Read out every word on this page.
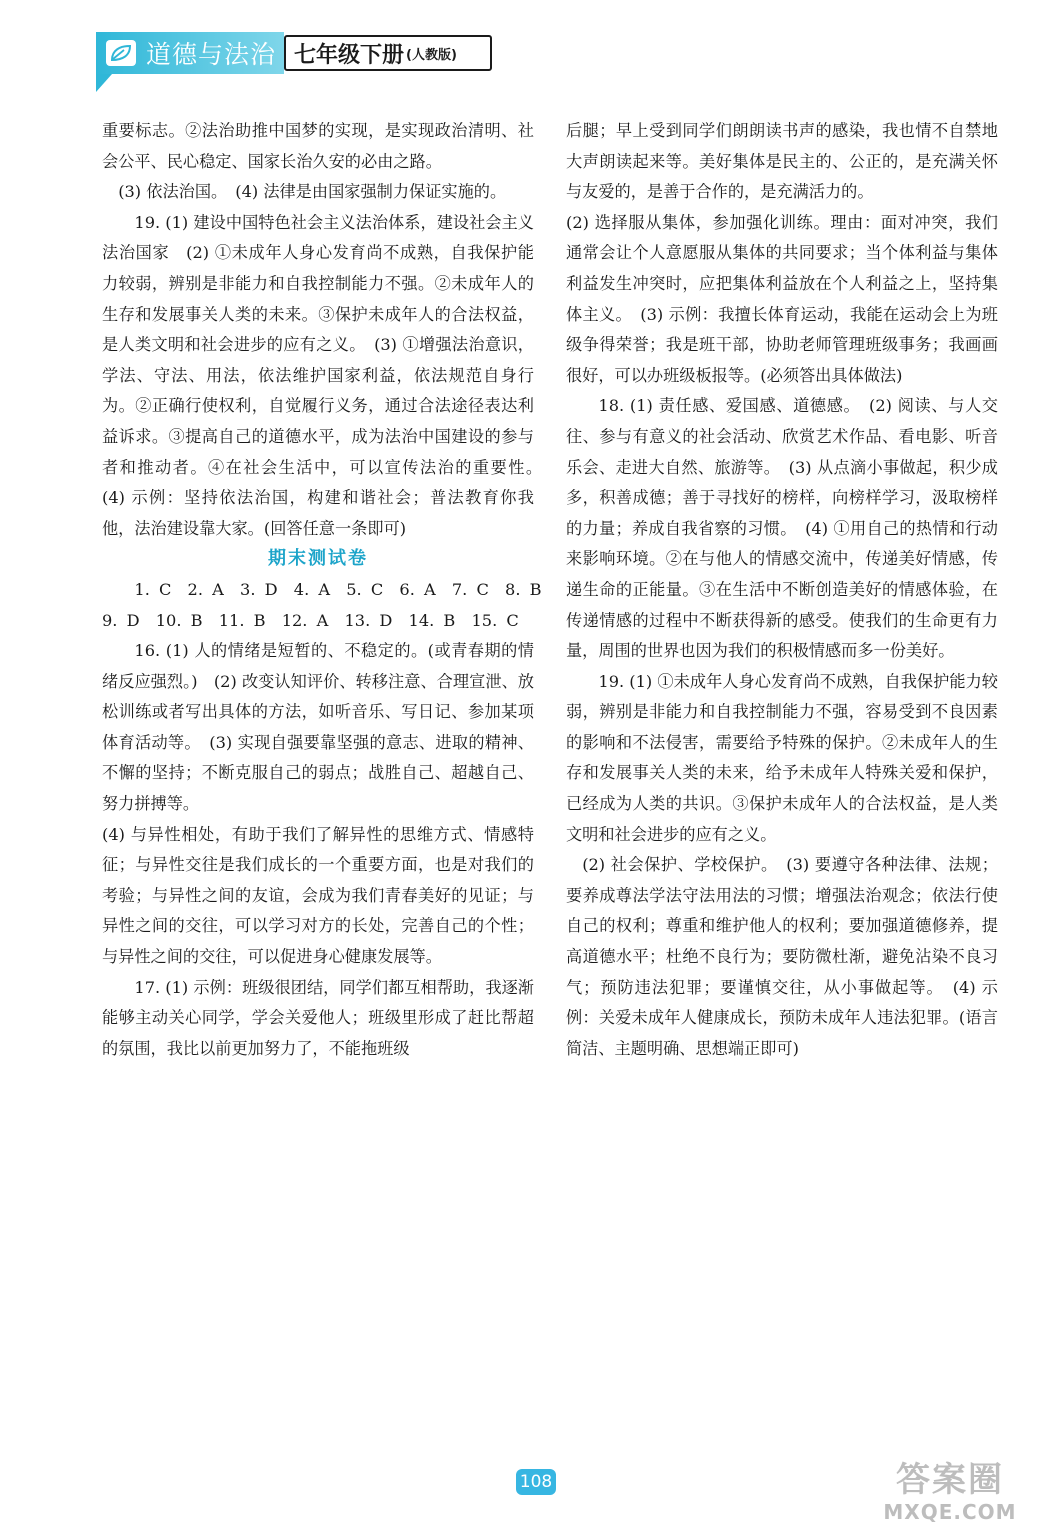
道德与法治 七年级下册 (人教版)

重要标志。②法治助推中国梦的实现，是实现政治清明、社会公平、民心稳定、国家长治久安的必由之路。

(3) 依法治国。　(4) 法律是由国家强制力保证实施的。

19. (1) 建设中国特色社会主义法治体系，建设社会主义法治国家　(2) ①未成年人身心发育尚不成熟，自我保护能力较弱，辨别是非能力和自我控制能力不强。②未成年人的生存和发展事关人类的未来。③保护未成年人的合法权益，是人类文明和社会进步的应有之义。　(3) ①增强法治意识，学法、守法、用法，依法维护国家利益，依法规范自身行为。②正确行使权利，自觉履行义务，通过合法途径表达利益诉求。③提高自己的道德水平，成为法治中国建设的参与者和推动者。④在社会生活中，可以宣传法治的重要性。　(4) 示例：坚持依法治国，构建和谐社会；普法教育你我他，法治建设靠大家。(回答任意一条即可)

期末测试卷

1. C　2. A　3. D　4. A　5. C　6. A　7. C　8. B

9. D　10. B　11. B　12. A　13. D　14. B　15. C

16. (1) 人的情绪是短暂的、不稳定的。(或青春期的情绪反应强烈。)　(2) 改变认知评价、转移注意、合理宣泄、放松训练或者写出具体的方法，如听音乐、写日记、参加某项体育活动等。　(3) 实现自强要靠坚强的意志、进取的精神、不懈的坚持；不断克服自己的弱点；战胜自己、超越自己、努力拼搏等。

(4) 与异性相处，有助于我们了解异性的思维方式、情感特征；与异性交往是我们成长的一个重要方面，也是对我们的考验；与异性之间的友谊，会成为我们青春美好的见证；与异性之间的交往，可以学习对方的长处，完善自己的个性；与异性之间的交往，可以促进身心健康发展等。

17. (1) 示例：班级很团结，同学们都互相帮助，我逐渐能够主动关心同学，学会关爱他人；班级里形成了赶比帮超的氛围，我比以前更加努力了，不能拖班级

后腿；早上受到同学们朗朗读书声的感染，我也情不自禁地大声朗读起来等。美好集体是民主的、公正的，是充满关怀与友爱的，是善于合作的，是充满活力的。

(2) 选择服从集体，参加强化训练。理由：面对冲突，我们通常会让个人意愿服从集体的共同要求；当个体利益与集体利益发生冲突时，应把集体利益放在个人利益之上，坚持集体主义。　(3) 示例：我擅长体育运动，我能在运动会上为班级争得荣誉；我是班干部，协助老师管理班级事务；我画画很好，可以办班级板报等。(必须答出具体做法)

18. (1) 责任感、爱国感、道德感。　(2) 阅读、与人交往、参与有意义的社会活动、欣赏艺术作品、看电影、听音乐会、走进大自然、旅游等。　(3) 从点滴小事做起，积少成多，积善成德；善于寻找好的榜样，向榜样学习，汲取榜样的力量；养成自我省察的习惯。　(4) ①用自己的热情和行动来影响环境。②在与他人的情感交流中，传递美好情感，传递生命的正能量。③在生活中不断创造美好的情感体验，在传递情感的过程中不断获得新的感受。使我们的生命更有力量，周围的世界也因为我们的积极情感而多一份美好。

19. (1) ①未成年人身心发育尚不成熟，自我保护能力较弱，辨别是非能力和自我控制能力不强，容易受到不良因素的影响和不法侵害，需要给予特殊的保护。②未成年人的生存和发展事关人类的未来，给予未成年人特殊关爱和保护，已经成为人类的共识。③保护未成年人的合法权益，是人类文明和社会进步的应有之义。

(2) 社会保护、学校保护。　(3) 要遵守各种法律、法规；要养成尊法学法守法用法的习惯；增强法治观念；依法行使自己的权利；尊重和维护他人的权利；要加强道德修养，提高道德水平；杜绝不良行为；要防微杜渐，避免沾染不良习气；预防违法犯罪；要谨慎交往，从小事做起等。　(4) 示例：关爱未成年人健康成长，预防未成年人违法犯罪。(语言简洁、主题明确、思想端正即可)

108	答案圈
MXQE.COM
